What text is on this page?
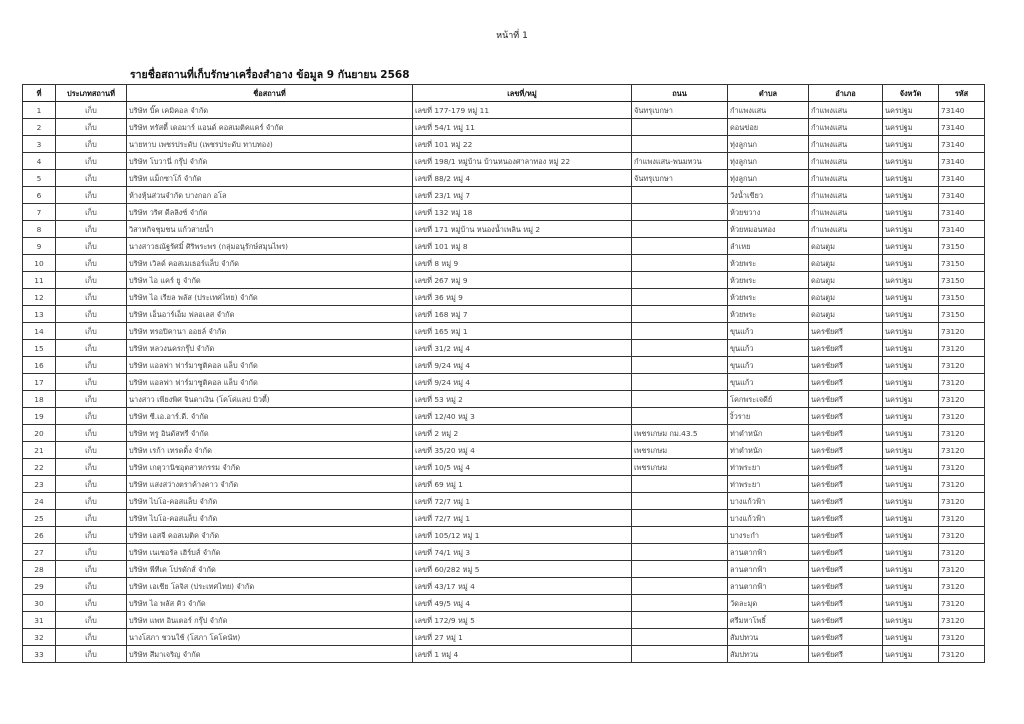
หน้าที่ 1
รายชื่อสถานที่เก็บรักษาเครื่องสำอาง ข้อมูล 9 กันยายน 2568
ที่	ประเภทสถานที่	ชื่อสถานที่	เลขที่/หมู่	ถนน	ตำบล	อำเภอ	จังหวัด	รหัส
1	เก็บ	บริษัท บิ๊ค เคมิคอล จำกัด	เลขที่ 177-179 หมู่ 11	จันทรุเบกษา	กำแพงแสน	กำแพงแสน	นครปฐม	73140
2	เก็บ	บริษัท ทรัสตี้ เดอมาร์ แอนด์ คอสเมติคแคร์ จำกัด	เลขที่ 54/1 หมู่ 11		ดอนข่อย	กำแพงแสน	นครปฐม	73140
3	เก็บ	นายทาบ เพชรประดับ (เพชรประดับ ทาบทอง)	เลขที่ 101 หมู่ 22		ทุ่งลูกนก	กำแพงแสน	นครปฐม	73140
4	เก็บ	บริษัท โบวานี่ กรุ๊ป จำกัด	เลขที่ 198/1 หมู่บ้าน บ้านหนองศาลาทอง หมู่ 22	กำแพงแสน-พนมทวน	ทุ่งลูกนก	กำแพงแสน	นครปฐม	73140
5	เก็บ	บริษัท แม็กซาโก้ จำกัด	เลขที่ 88/2 หมู่ 4	จันทรุเบกษา	ทุ่งลูกนก	กำแพงแสน	นครปฐม	73140
6	เก็บ	ห้างหุ้นส่วนจำกัด บางกอก อโล	เลขที่ 23/1 หมู่ 7		วังน้ำเขียว	กำแพงแสน	นครปฐม	73140
7	เก็บ	บริษัท วริศ ดีลลิงซ์ จำกัด	เลขที่ 132 หมู่ 18		ห้วยขวาง	กำแพงแสน	นครปฐม	73140
8	เก็บ	วิสาหกิจชุมชน แก้วสายน้ำ	เลขที่ 171 หมู่บ้าน หนองน้ำเพลิน หมู่ 2		ห้วยหมอนทอง	กำแพงแสน	นครปฐม	73140
9	เก็บ	นางสาวธณัฐรัศมิ์ ศิริพระพร (กลุ่มอนุรักษ์สมุนไพร)	เลขที่ 101 หมู่ 8		ลำเหย	ดอนตูม	นครปฐม	73150
10	เก็บ	บริษัท เวิลด์ คอสเมเธอร์แล็บ จำกัด	เลขที่ 8 หมู่ 9		ห้วยพระ	ดอนตูม	นครปฐม	73150
11	เก็บ	บริษัท ไอ แคร์ ยู จำกัด	เลขที่ 267 หมู่ 9		ห้วยพระ	ดอนตูม	นครปฐม	73150
12	เก็บ	บริษัท ไอ เรียล พลัส (ประเทศไทย) จำกัด	เลขที่ 36 หมู่ 9		ห้วยพระ	ดอนตูม	นครปฐม	73150
13	เก็บ	บริษัท เอ็นอาร์เอ็ม ฟลอเลส จำกัด	เลขที่ 168 หมู่ 7		ห้วยพระ	ดอนตูม	นครปฐม	73150
14	เก็บ	บริษัท ทรอปิคานา ออยล์ จำกัด	เลขที่ 165 หมู่ 1		ขุนแก้ว	นครชัยศรี	นครปฐม	73120
15	เก็บ	บริษัท หลวงนครกรุ๊ป จำกัด	เลขที่ 31/2 หมู่ 4		ขุนแก้ว	นครชัยศรี	นครปฐม	73120
16	เก็บ	บริษัท แอลฟา ฟาร์มาซูติคอล แล็บ จำกัด	เลขที่ 9/24 หมู่ 4		ขุนแก้ว	นครชัยศรี	นครปฐม	73120
17	เก็บ	บริษัท แอลฟา ฟาร์มาซูติคอล แล็บ จำกัด	เลขที่ 9/24 หมู่ 4		ขุนแก้ว	นครชัยศรี	นครปฐม	73120
18	เก็บ	นางสาว เพียงพิศ จินดาเงิน (โคโค่แลป บิวตี้)	เลขที่ 53 หมู่ 2		โคกพระเจดีย์	นครชัยศรี	นครปฐม	73120
19	เก็บ	บริษัท ซี.เอ.อาร์.ดี. จำกัด	เลขที่ 12/40 หมู่ 3		งิ้วราย	นครชัยศรี	นครปฐม	73120
20	เก็บ	บริษัท ทรู อินดัสทรี จำกัด	เลขที่ 2 หมู่ 2	เพชรเกษม กม.43.5	ท่าตำหนัก	นครชัยศรี	นครปฐม	73120
21	เก็บ	บริษัท เรก้า เทรดดิ้ง จำกัด	เลขที่ 35/20 หมู่ 4	เพชรเกษม	ท่าตำหนัก	นครชัยศรี	นครปฐม	73120
22	เก็บ	บริษัท เกตุวานิชอุตสาหกรรม จำกัด	เลขที่ 10/5 หมู่ 4	เพชรเกษม	ท่าพระยา	นครชัยศรี	นครปฐม	73120
23	เก็บ	บริษัท แสงสว่างตราค้างคาว จำกัด	เลขที่ 69 หมู่ 1		ท่าพระยา	นครชัยศรี	นครปฐม	73120
24	เก็บ	บริษัท ไบโอ-คอสแล็บ จำกัด	เลขที่ 72/7 หมู่ 1		บางแก้วฟ้า	นครชัยศรี	นครปฐม	73120
25	เก็บ	บริษัท ไบโอ-คอสแล็บ จำกัด	เลขที่ 72/7 หมู่ 1		บางแก้วฟ้า	นครชัยศรี	นครปฐม	73120
26	เก็บ	บริษัท เอสจี คอสเมติค จำกัด	เลขที่ 105/12 หมู่ 1		บางระกำ	นครชัยศรี	นครปฐม	73120
27	เก็บ	บริษัท เนเชอรัล เฮิร์บส์ จำกัด	เลขที่ 74/1 หมู่ 3		ลานตากฟ้า	นครชัยศรี	นครปฐม	73120
28	เก็บ	บริษัท พีทีเค โปรดักส์ จำกัด	เลขที่ 60/282 หมู่ 5		ลานตากฟ้า	นครชัยศรี	นครปฐม	73120
29	เก็บ	บริษัท เอเชีย โลจิส (ประเทศไทย) จำกัด	เลขที่ 43/17 หมู่ 4		ลานตากฟ้า	นครชัยศรี	นครปฐม	73120
30	เก็บ	บริษัท ไอ พลัส คิว จำกัด	เลขที่ 49/5 หมู่ 4		วัดละมุด	นครชัยศรี	นครปฐม	73120
31	เก็บ	บริษัท แพท อินเตอร์ กรุ๊ป จำกัด	เลขที่ 172/9 หมู่ 5		ศรีมหาโพธิ์	นครชัยศรี	นครปฐม	73120
32	เก็บ	นางโสภา ชวนใช้ (โสภา โคโคนัท)	เลขที่ 27 หมู่ 1		สัมปทวน	นครชัยศรี	นครปฐม	73120
33	เก็บ	บริษัท สีมาเจริญ จำกัด	เลขที่ 1 หมู่ 4		สัมปทวน	นครชัยศรี	นครปฐม	73120
